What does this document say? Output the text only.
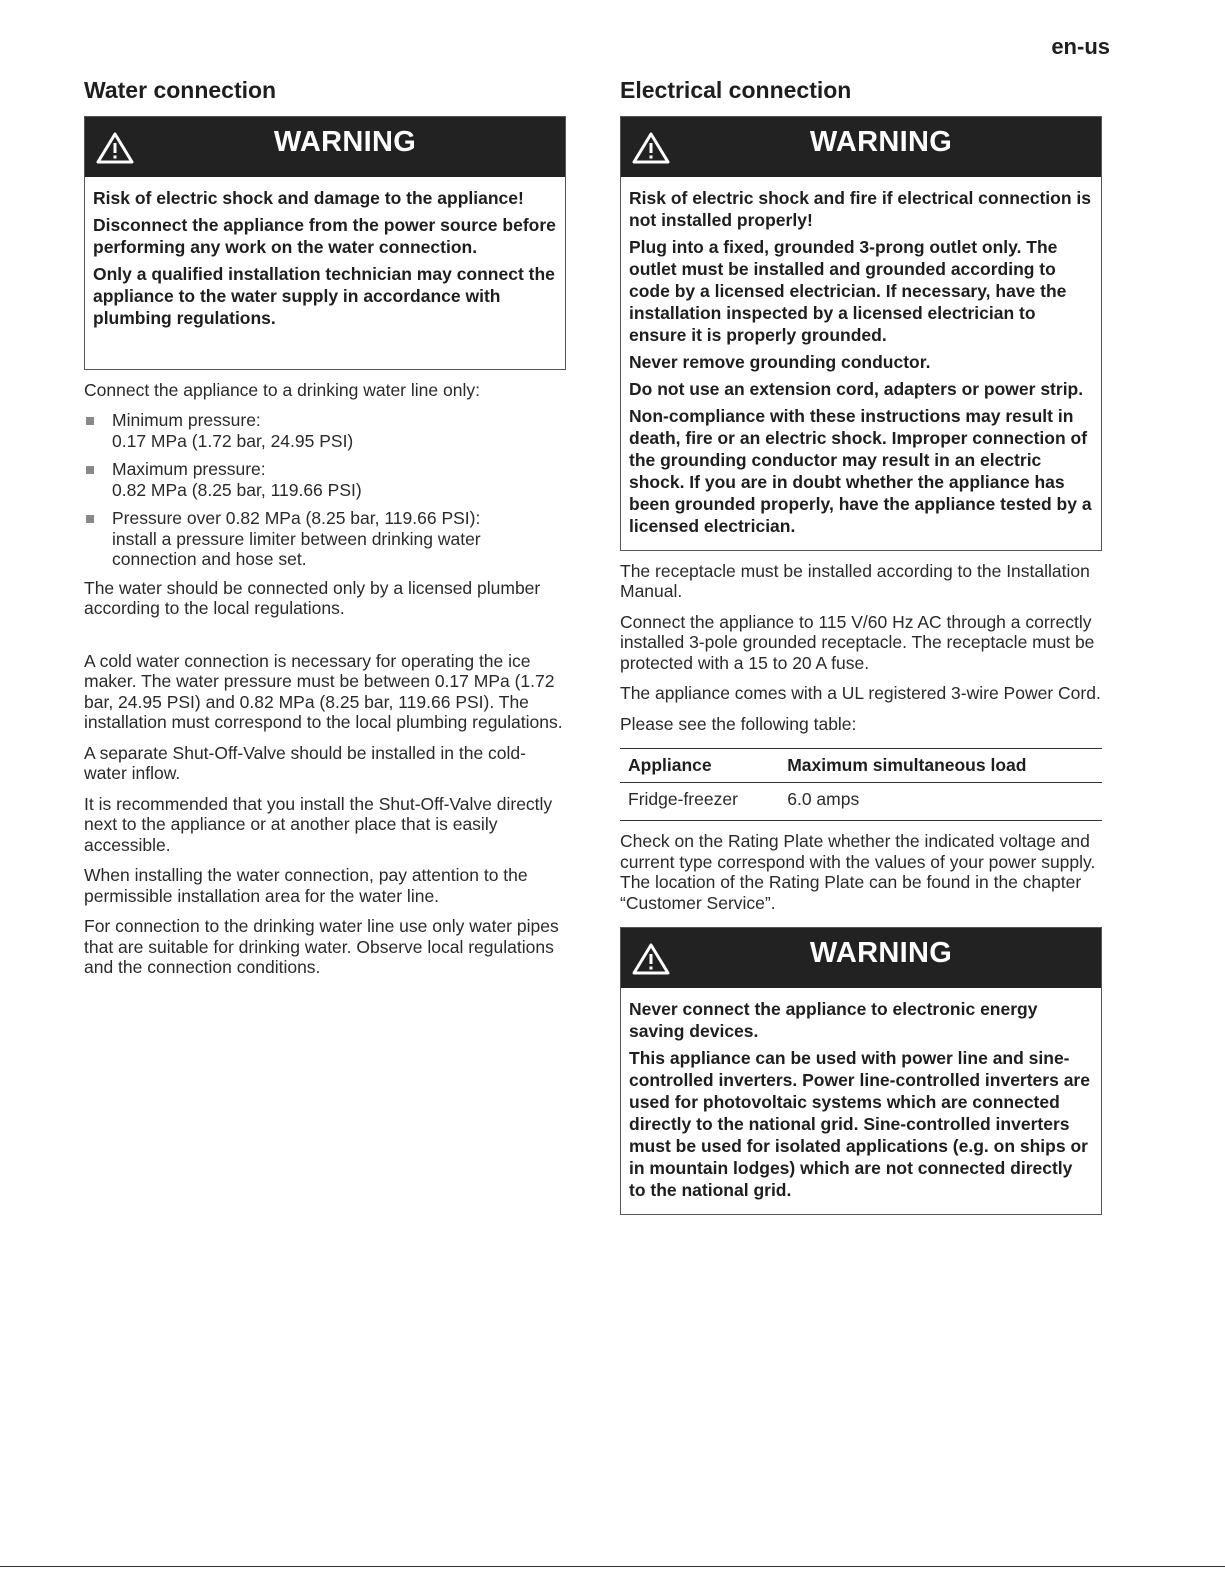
en-us
Water connection
WARNING

Risk of electric shock and damage to the appliance!

Disconnect the appliance from the power source before performing any work on the water connection.

Only a qualified installation technician may connect the appliance to the water supply in accordance with plumbing regulations.

Connect the appliance to a drinking water line only:

Minimum pressure:
0.17 MPa (1.72 bar, 24.95 PSI)
Maximum pressure:
0.82 MPa (8.25 bar, 119.66 PSI)
Pressure over 0.82 MPa (8.25 bar, 119.66 PSI):
install a pressure limiter between drinking water connection and hose set.

The water should be connected only by a licensed plumber according to the local regulations.

A cold water connection is necessary for operating the ice maker. The water pressure must be between 0.17 MPa (1.72 bar, 24.95 PSI) and 0.82 MPa (8.25 bar, 119.66 PSI). The installation must correspond to the local plumbing regulations.

A separate Shut-Off-Valve should be installed in the cold-water inflow.

It is recommended that you install the Shut-Off-Valve directly next to the appliance or at another place that is easily accessible.

When installing the water connection, pay attention to the permissible installation area for the water line.

For connection to the drinking water line use only water pipes that are suitable for drinking water. Observe local regulations and the connection conditions.

Electrical connection
WARNING

Risk of electric shock and fire if electrical connection is not installed properly!

Plug into a fixed, grounded 3-prong outlet only. The outlet must be installed and grounded according to code by a licensed electrician. If necessary, have the installation inspected by a licensed electrician to ensure it is properly grounded.

Never remove grounding conductor.

Do not use an extension cord, adapters or power strip.

Non-compliance with these instructions may result in death, fire or an electric shock. Improper connection of the grounding conductor may result in an electric shock. If you are in doubt whether the appliance has been grounded properly, have the appliance tested by a licensed electrician.

The receptacle must be installed according to the Installation Manual.

Connect the appliance to 115 V/60 Hz AC through a correctly installed 3-pole grounded receptacle. The receptacle must be protected with a 15 to 20 A fuse.

The appliance comes with a UL registered 3-wire Power Cord.

Please see the following table:

Appliance	Maximum simultaneous load
Fridge-freezer	6.0 amps

Check on the Rating Plate whether the indicated voltage and current type correspond with the values of your power supply. The location of the Rating Plate can be found in the chapter “Customer Service”.

WARNING

Never connect the appliance to electronic energy saving devices.

This appliance can be used with power line and sine-controlled inverters. Power line-controlled inverters are used for photovoltaic systems which are connected directly to the national grid. Sine-controlled inverters must be used for isolated applications (e.g. on ships or in mountain lodges) which are not connected directly to the national grid.
